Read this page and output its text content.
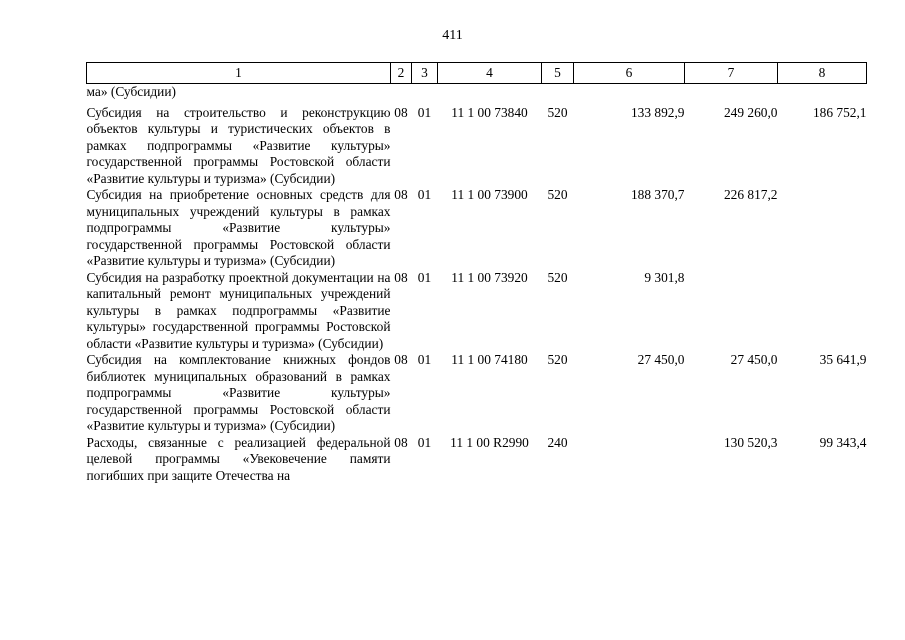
411
1	2	3	4	5	6	7	8
ма» (Субсидии)							
Субсидия на строительство и реконструкцию объектов культуры и туристических объектов в рамках подпрограммы «Развитие культуры» государственной программы Ростовской области «Развитие культуры и туризма» (Субсидии)	08	01	11 1 00 73840	520	133 892,9	249 260,0	186 752,1
Субсидия на приобретение основных средств для муниципальных учреждений культуры в рамках подпрограммы «Развитие культуры» государственной программы Ростовской области «Развитие культуры и туризма» (Субсидии)	08	01	11 1 00 73900	520	188 370,7	226 817,2	
Субсидия на разработку проектной документации на капитальный ремонт муниципальных учреждений культуры в рамках подпрограммы «Развитие культуры» государственной программы Ростовской области «Развитие культуры и туризма» (Субсидии)	08	01	11 1 00 73920	520	9 301,8		
Субсидия на комплектование книжных фондов библиотек муниципальных образований в рамках подпрограммы «Развитие культуры» государственной программы Ростовской области «Развитие культуры и туризма» (Субсидии)	08	01	11 1 00 74180	520	27 450,0	27 450,0	35 641,9
Расходы, связанные с реализацией федеральной целевой программы «Увековечение памяти погибших при защите Отечества на	08	01	11 1 00 R2990	240		130 520,3	99 343,4
